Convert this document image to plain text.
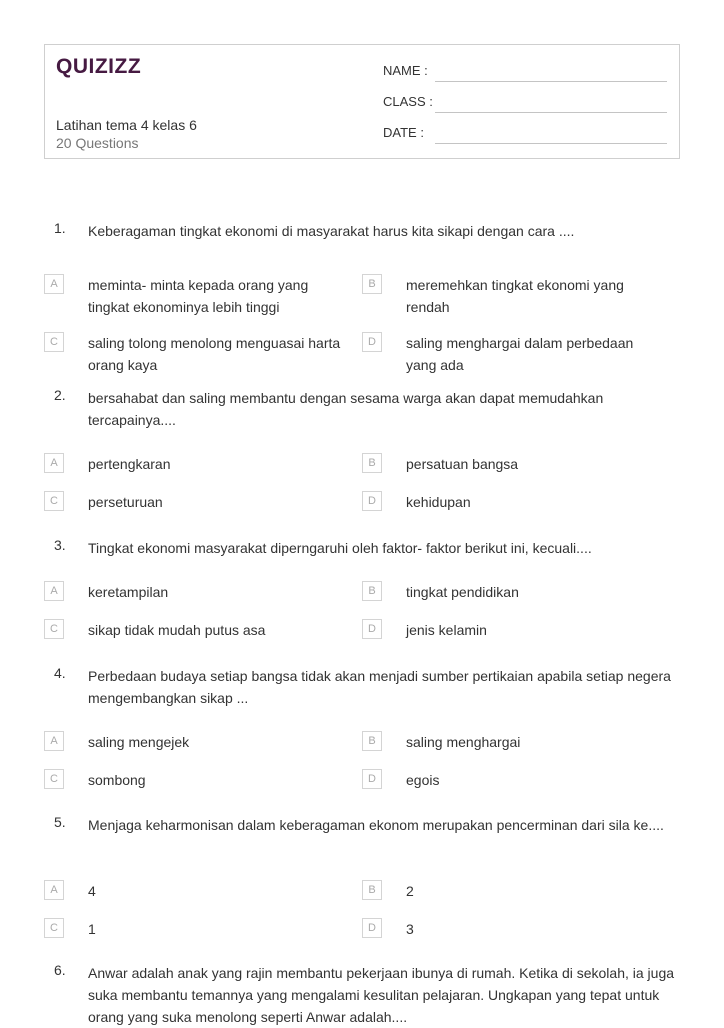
QUIZIZZ
Latihan tema 4 kelas 6
20 Questions
NAME :
CLASS :
DATE :
1. Keberagaman tingkat ekonomi di masyarakat harus kita sikapi dengan cara ....
A	meminta- minta kepada orang yang tingkat ekonominya lebih tinggi
B	meremehkan tingkat ekonomi yang rendah
C	saling tolong menolong menguasai harta orang kaya
D	saling menghargai dalam perbedaan yang ada
2. bersahabat dan saling membantu dengan sesama warga akan dapat memudahkan tercapainya....
A	pertengkaran	B	persatuan bangsa
C	perseturuan	D	kehidupan
3. Tingkat ekonomi masyarakat diperngaruhi oleh faktor- faktor berikut ini, kecuali....
A	keretampilan	B	tingkat pendidikan
C	sikap tidak mudah putus asa	D	jenis kelamin
4. Perbedaan budaya setiap bangsa tidak akan menjadi sumber pertikaian apabila setiap negera mengembangkan sikap ...
A	saling mengejek	B	saling menghargai
C	sombong	D	egois
5. Menjaga keharmonisan dalam keberagaman ekonom merupakan pencerminan dari sila ke....
A	4	B	2
C	1	D	3
6. Anwar adalah anak yang rajin membantu pekerjaan ibunya di rumah. Ketika di sekolah, ia juga suka membantu temannya yang mengalami kesulitan pelajaran. Ungkapan yang tepat untuk orang yang suka menolong seperti Anwar adalah....
